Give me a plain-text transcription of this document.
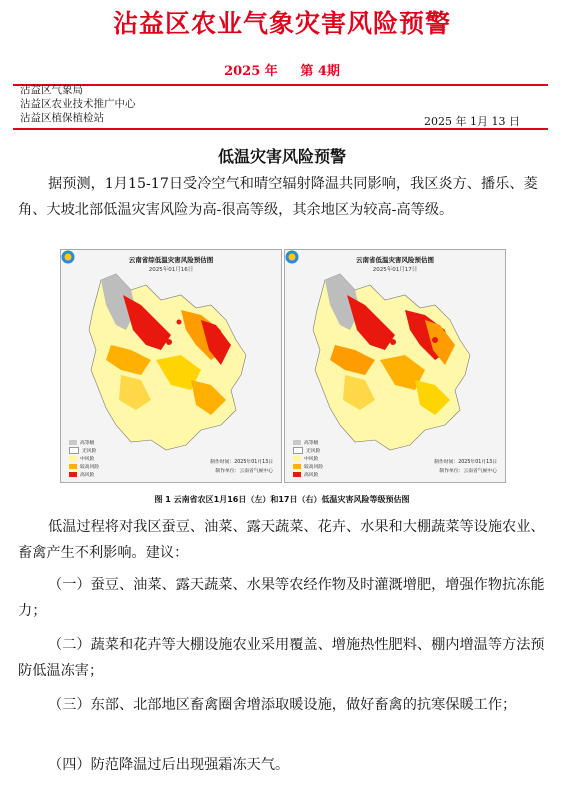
沾益区农业气象灾害风险预警
2025 年 第 4期
沾益区气象局
沾益区农业技术推广中心
沾益区植保植检站	2025 年 1月 13 日
低温灾害风险预警

据预测，1月15-17日受冷空气和晴空辐射降温共同影响，我区炎方、播乐、菱角、大坡北部低温灾害风险为高-很高等级，其余地区为较高-高等级。

云南省综低温灾害风险预估图
2025年01月16日
高等级
无风险
中风险
较高风险
高风险
制作时间：2025年01月13日
制作单位：云南省气候中心
云南省低温灾害风险预估图
2025年01月17日
高等级
无风险
中风险
较高风险
高风险
制作时间：2025年01月13日
制作单位：云南省气候中心
图 1 云南省农区1月16日（左）和17日（右）低温灾害风险等级预估图

低温过程将对我区蚕豆、油菜、露天蔬菜、花卉、水果和大棚蔬菜等设施农业、畜禽产生不利影响。建议：

（一）蚕豆、油菜、露天蔬菜、水果等农经作物及时灌溉增肥，增强作物抗冻能力；

（二）蔬菜和花卉等大棚设施农业采用覆盖、增施热性肥料、棚内增温等方法预防低温冻害；

（三）东部、北部地区畜禽圈舍增添取暖设施，做好畜禽的抗寒保暖工作；

（四）防范降温过后出现强霜冻天气。
